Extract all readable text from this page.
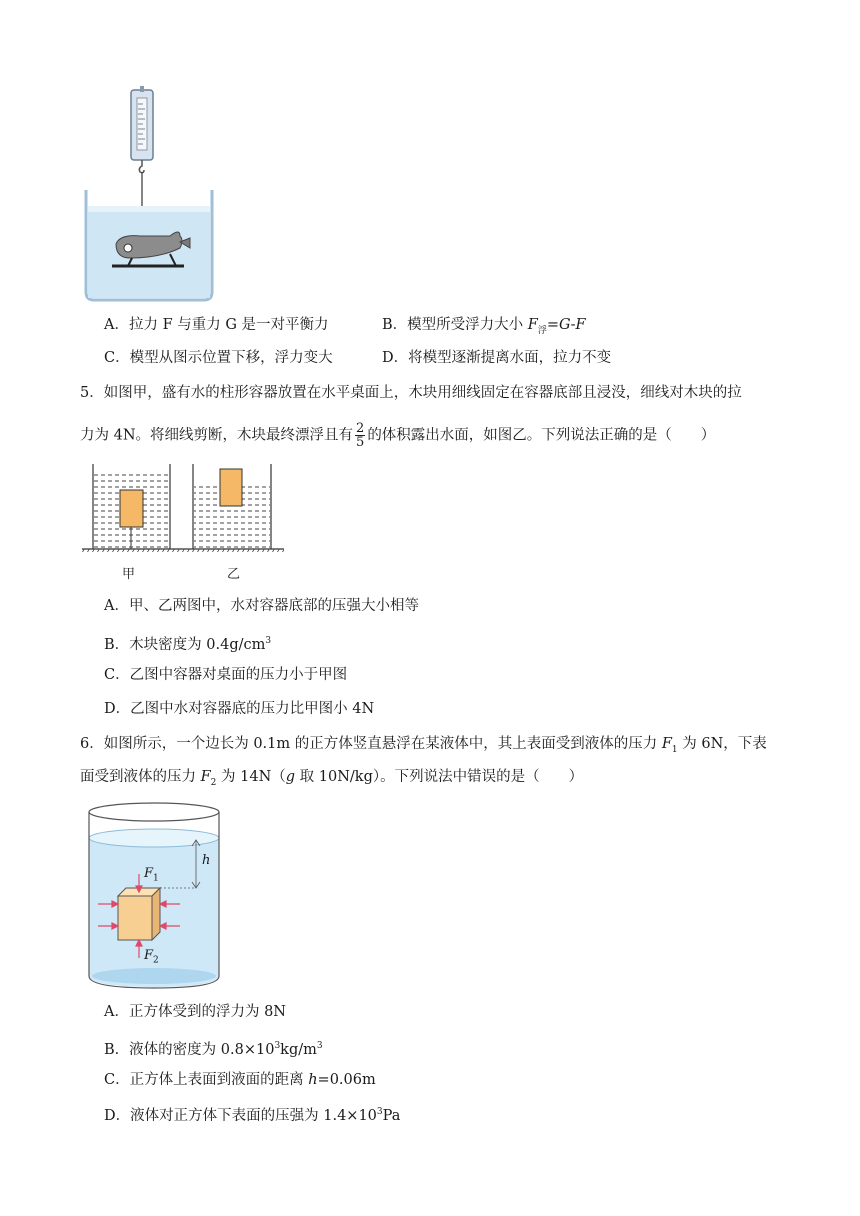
A．拉力 F 与重力 G 是一对平衡力	B．模型所受浮力大小 $F_浮=G-F$
C．模型从图示位置下移，浮力变大	D．将模型逐渐提离水面，拉力不变
5．如图甲，盛有水的柱形容器放置在水平桌面上，木块用细线固定在容器底部且浸没，细线对木块的拉
力为 4N。将细线剪断，木块最终漂浮且有 $\frac{2}{5}$ 的体积露出水面，如图乙。下列说法正确的是（　　）
甲	乙
A．甲、乙两图中，水对容器底部的压强大小相等
B．木块密度为 $0.4g/cm^3$
C．乙图中容器对桌面的压力小于甲图
D．乙图中水对容器底的压力比甲图小 4N
6．如图所示，一个边长为 0.1m 的正方体竖直悬浮在某液体中，其上表面受到液体的压力 $F_1$ 为 6N，下表
面受到液体的压力 $F_2$ 为 14N（g 取 10N/kg）。下列说法中错误的是（　　）
h
$F_1$
$F_2$
A．正方体受到的浮力为 8N
B．液体的密度为 $0.8\times 10^3kg/m^3$
C．正方体上表面到液面的距离 h=0.06m
D．液体对正方体下表面的压强为 $1.4\times 10^3Pa$
